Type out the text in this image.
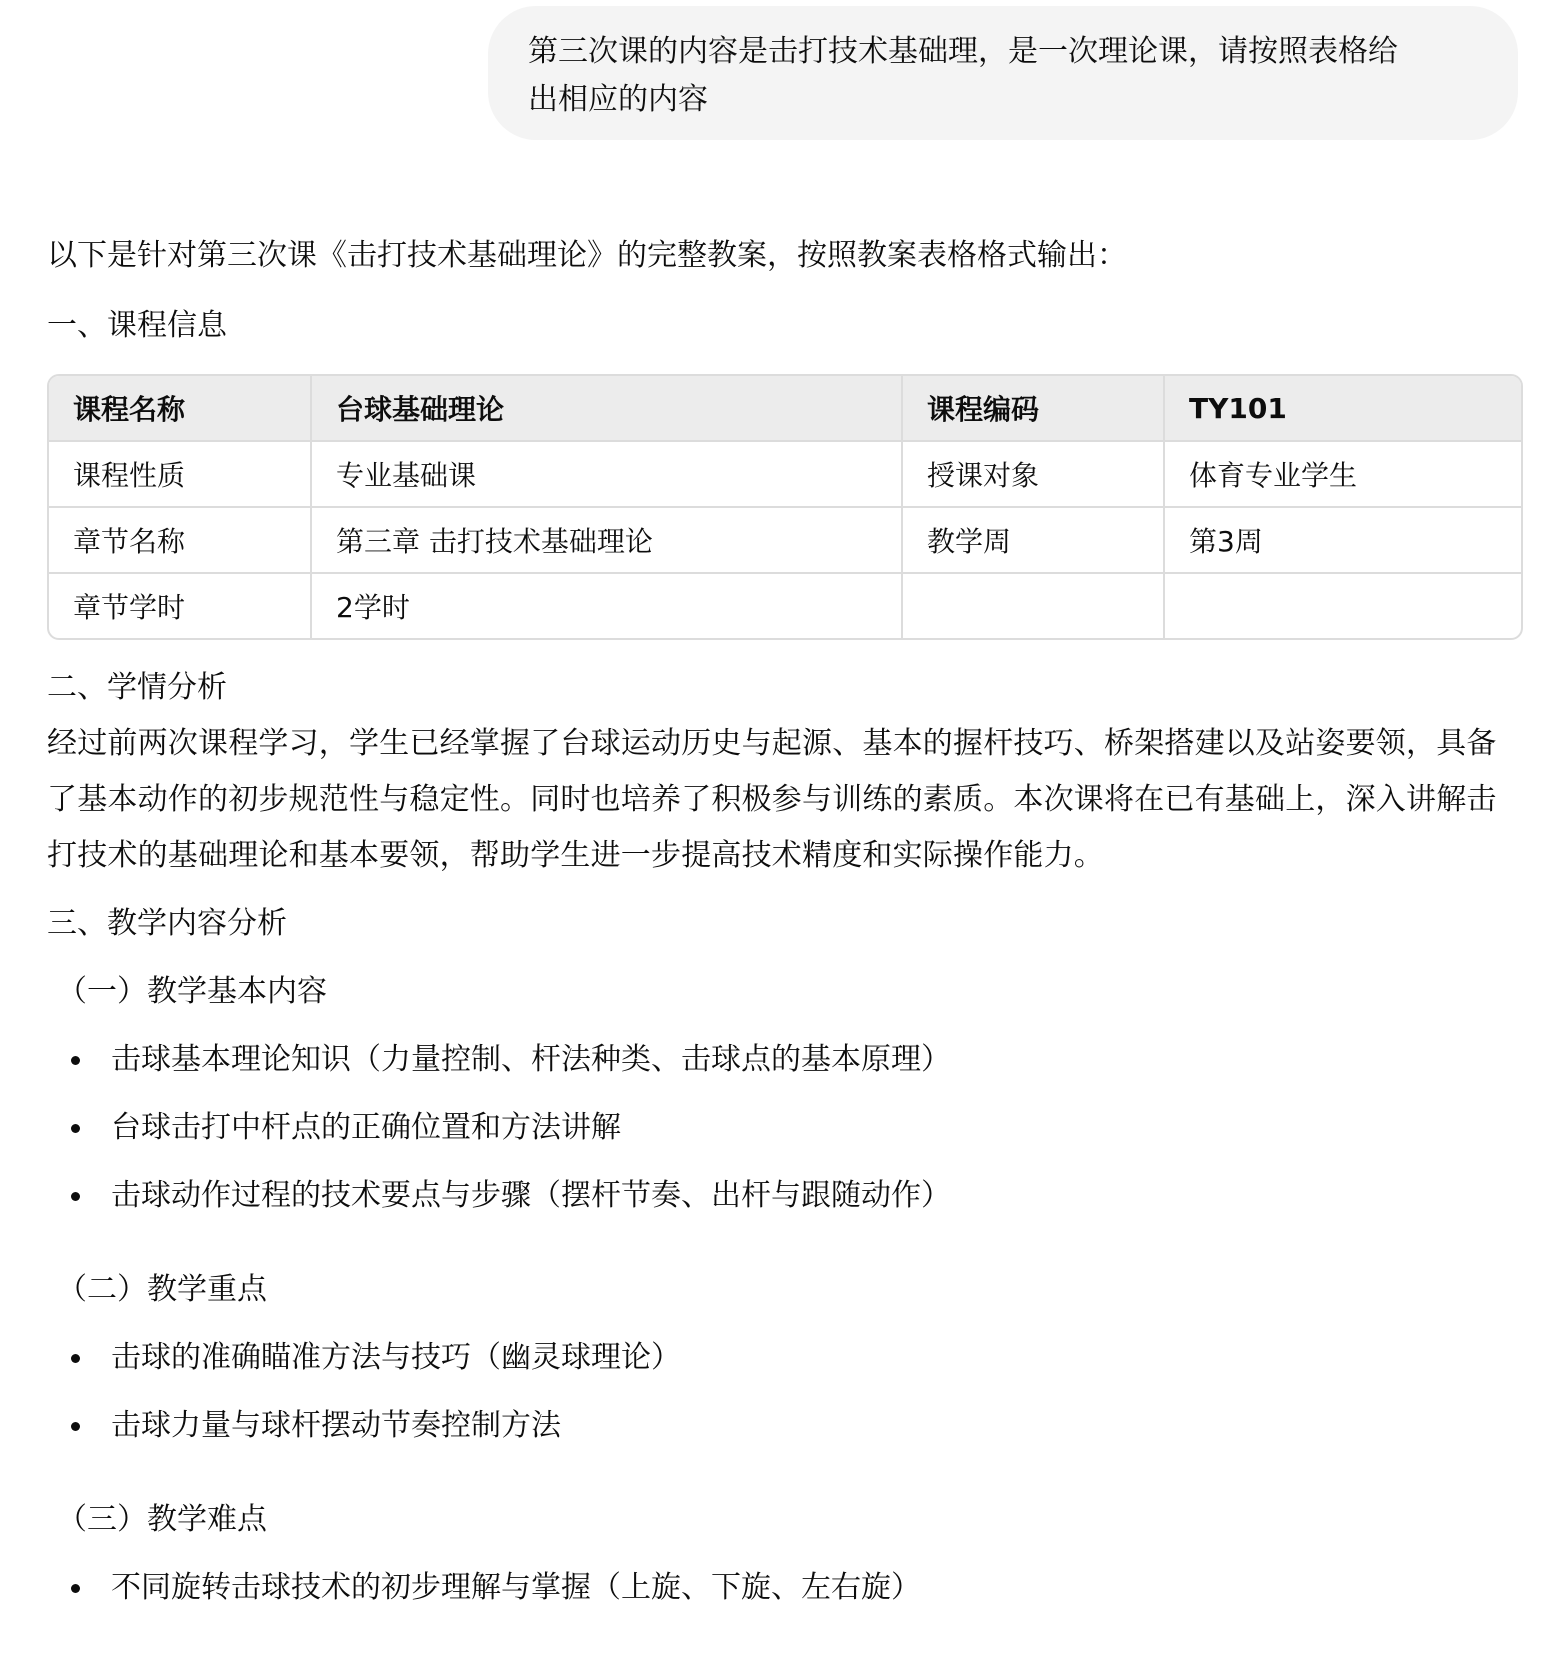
第三次课的内容是击打技术基础理，是一次理论课，请按照表格给
出相应的内容

以下是针对第三次课《击打技术基础理论》的完整教案，按照教案表格格式输出：

一、课程信息

课程名称	台球基础理论	课程编码	TY101
课程性质	专业基础课	授课对象	体育专业学生
章节名称	第三章 击打技术基础理论	教学周	第3周
章节学时	2学时		

二、学情分析

经过前两次课程学习，学生已经掌握了台球运动历史与起源、基本的握杆技巧、桥架搭建以及站姿要领，具备了基本动作的初步规范性与稳定性。同时也培养了积极参与训练的素质。本次课将在已有基础上，深入讲解击打技术的基础理论和基本要领，帮助学生进一步提高技术精度和实际操作能力。

三、教学内容分析

（一）教学基本内容

击球基本理论知识（力量控制、杆法种类、击球点的基本原理）
台球击打中杆点的正确位置和方法讲解
击球动作过程的技术要点与步骤（摆杆节奏、出杆与跟随动作）

（二）教学重点

击球的准确瞄准方法与技巧（幽灵球理论）
击球力量与球杆摆动节奏控制方法

（三）教学难点

不同旋转击球技术的初步理解与掌握（上旋、下旋、左右旋）
